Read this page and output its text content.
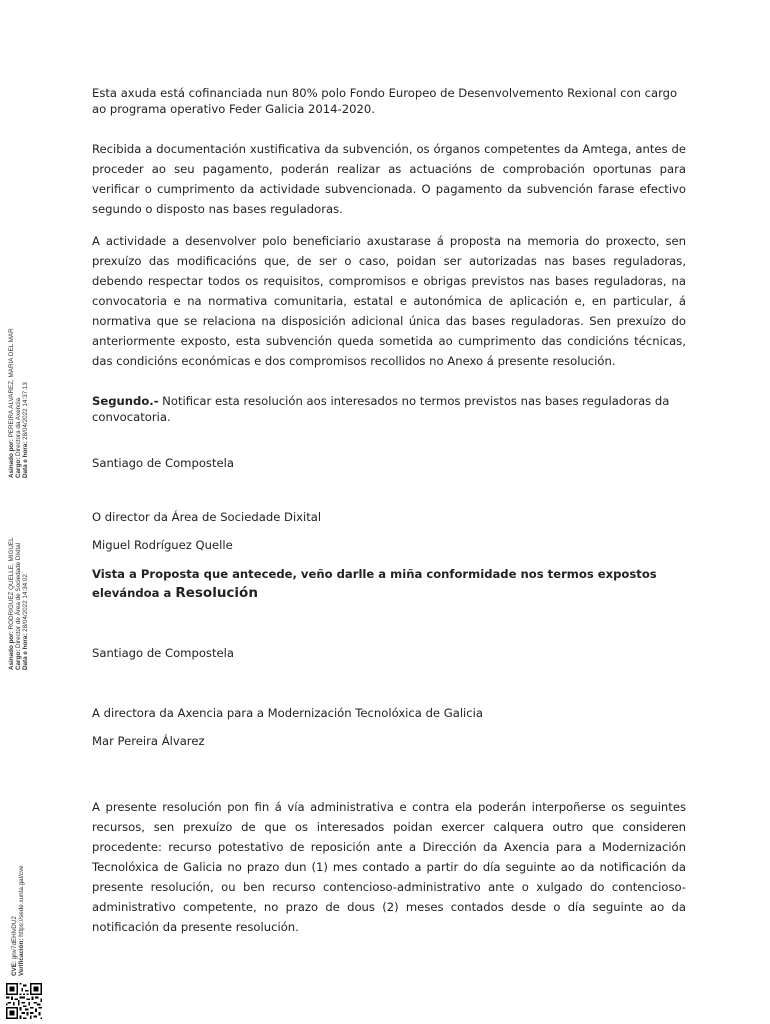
Esta axuda está cofinanciada nun 80% polo Fondo Europeo de Desenvolvemento Rexional con cargo ao programa operativo Feder Galicia 2014-2020.

Recibida a documentación xustificativa da subvención, os órganos competentes da Amtega, antes de proceder ao seu pagamento, poderán realizar as actuacións de comprobación oportunas para verificar o cumprimento da actividade subvencionada. O pagamento da subvención farase efectivo segundo o disposto nas bases reguladoras.

A actividade a desenvolver polo beneficiario axustarase á proposta na memoria do proxecto, sen prexuízo das modificacións que, de ser o caso, poidan ser autorizadas nas bases reguladoras, debendo respectar todos os requisitos, compromisos e obrigas previstos nas bases reguladoras, na convocatoria e na normativa comunitaria, estatal e autonómica de aplicación e, en particular, á normativa que se relaciona na disposición adicional única das bases reguladoras. Sen prexuízo do anteriormente exposto, esta subvención queda sometida ao cumprimento das condicións técnicas, das condicións económicas e dos compromisos recollidos no Anexo á presente resolución.

Segundo.- Notificar esta resolución aos interesados no termos previstos nas bases reguladoras da convocatoria.

Santiago de Compostela

O director da Área de Sociedade Dixital

Miguel Rodríguez Quelle

Vista a Proposta que antecede, veño darlle a miña conformidade nos termos expostos elevándoa a Resolución

Santiago de Compostela

A directora da Axencia para a Modernización Tecnolóxica de Galicia

Mar Pereira Álvarez

A presente resolución pon fin á vía administrativa e contra ela poderán interpoñerse os seguintes recursos, sen prexuízo de que os interesados poidan exercer calquera outro que consideren procedente: recurso potestativo de reposición ante a Dirección da Axencia para a Modernización Tecnolóxica de Galicia no prazo dun (1) mes contado a partir do día seguinte ao da notificación da presente resolución, ou ben recurso contencioso-administrativo ante o xulgado do contencioso-administrativo competente, no prazo de dous (2) meses contados desde o día seguinte ao da notificación da presente resolución.

Asinado por: PEREIRA ALVAREZ, MARIA DEL MAR
Cargo: Directora da Axencia
Data e hora: 28/04/2022 14:37:13
Asinado por: RODRIGUEZ QUELLE, MIGUEL
Cargo: Director de Área de Sociedade Dixital
Data e hora: 28/04/2022 14:34:02
CVE: gnv7dEHlvDU2 Verificación: https://sede.xunta.gal/cve
